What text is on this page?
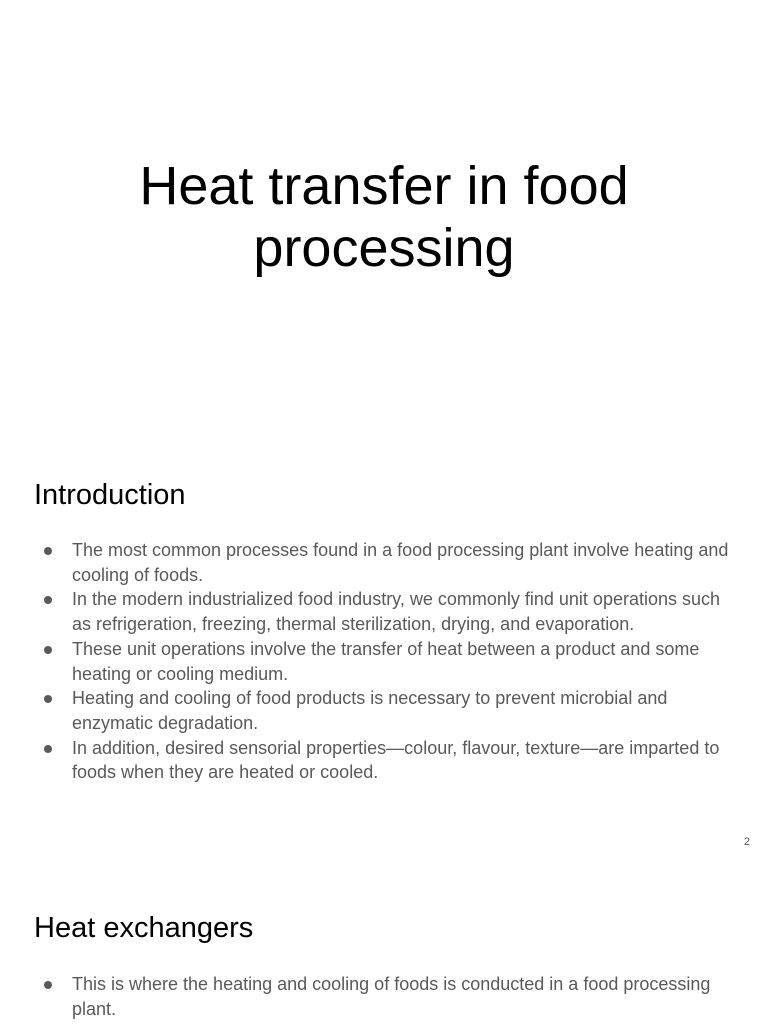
Heat transfer in food processing
Introduction
The most common processes found in a food processing plant involve heating and cooling of foods.
In the modern industrialized food industry, we commonly find unit operations such as refrigeration, freezing, thermal sterilization, drying, and evaporation.
These unit operations involve the transfer of heat between a product and some heating or cooling medium.
Heating and cooling of food products is necessary to prevent microbial and enzymatic degradation.
In addition, desired sensorial properties—colour, flavour, texture—are imparted to foods when they are heated or cooled.
2
Heat exchangers
This is where the heating and cooling of foods is conducted in a food processing plant.
